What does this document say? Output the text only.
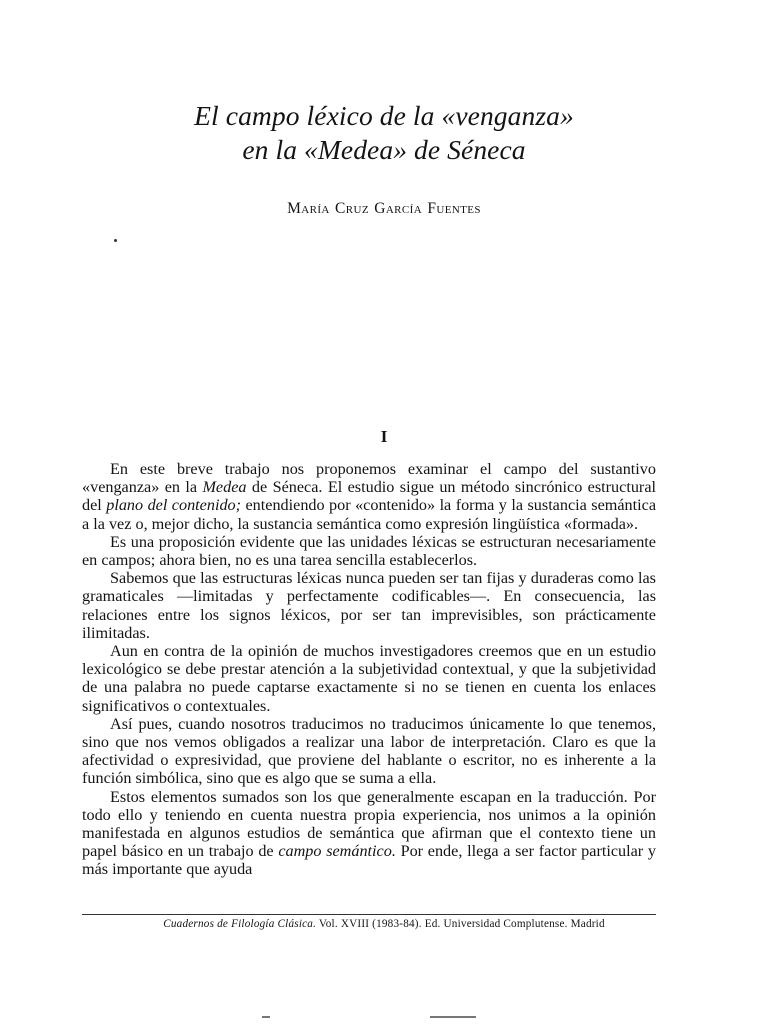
El campo léxico de la «venganza»
en la «Medea» de Séneca
María Cruz García Fuentes
I

En este breve trabajo nos proponemos examinar el campo del sustantivo «venganza» en la Medea de Séneca. El estudio sigue un método sincrónico estructural del plano del contenido; entendiendo por «contenido» la forma y la sustancia semántica a la vez o, mejor dicho, la sustancia semántica como expresión lingüística «formada».

Es una proposición evidente que las unidades léxicas se estructuran necesariamente en campos; ahora bien, no es una tarea sencilla establecerlos.

Sabemos que las estructuras léxicas nunca pueden ser tan fijas y duraderas como las gramaticales —limitadas y perfectamente codificables—. En consecuencia, las relaciones entre los signos léxicos, por ser tan imprevisibles, son prácticamente ilimitadas.

Aun en contra de la opinión de muchos investigadores creemos que en un estudio lexicológico se debe prestar atención a la subjetividad contextual, y que la subjetividad de una palabra no puede captarse exactamente si no se tienen en cuenta los enlaces significativos o contextuales.

Así pues, cuando nosotros traducimos no traducimos únicamente lo que tenemos, sino que nos vemos obligados a realizar una labor de interpretación. Claro es que la afectividad o expresividad, que proviene del hablante o escritor, no es inherente a la función simbólica, sino que es algo que se suma a ella.

Estos elementos sumados son los que generalmente escapan en la traducción. Por todo ello y teniendo en cuenta nuestra propia experiencia, nos unimos a la opinión manifestada en algunos estudios de semántica que afirman que el contexto tiene un papel básico en un trabajo de campo semántico. Por ende, llega a ser factor particular y más importante que ayuda

Cuadernos de Filología Clásica. Vol. XVIII (1983-84). Ed. Universidad Complutense. Madrid
